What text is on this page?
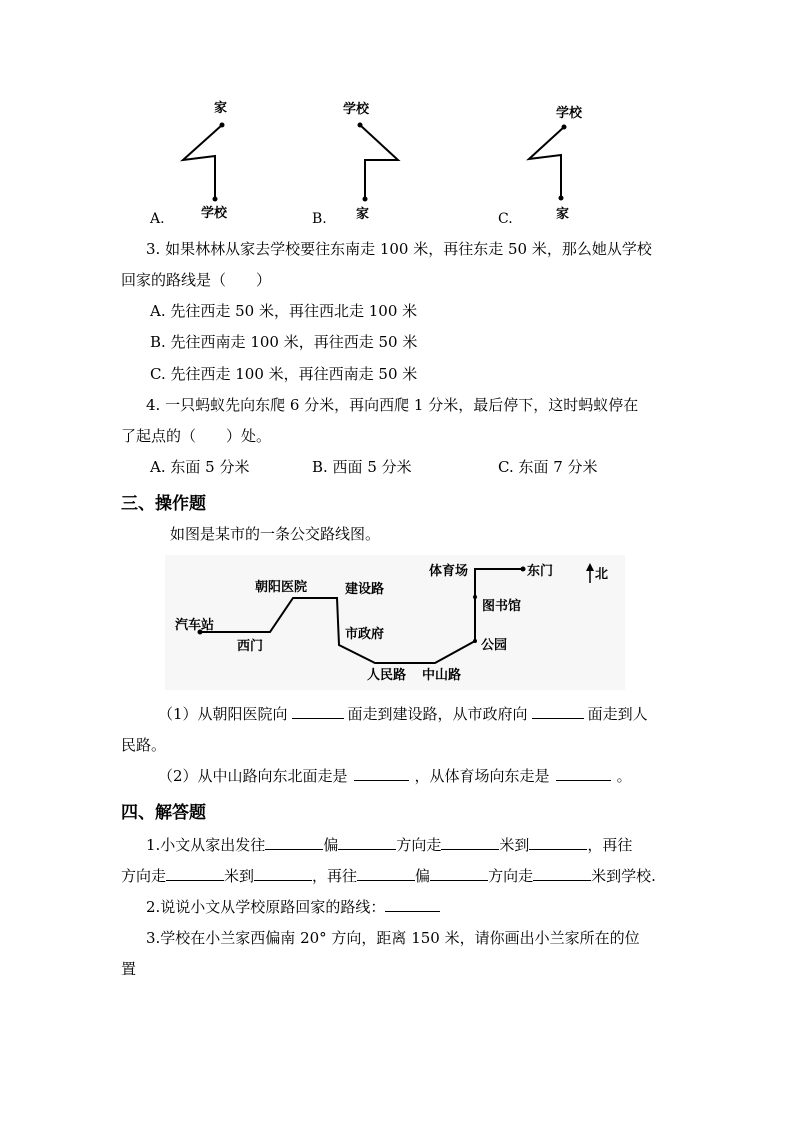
家
学校
学校
家
学校
家
A.	B.	C.
3. 如果林林从家去学校要往东南走 100 米，再往东走 50 米，那么她从学校
回家的路线是（　　）
A. 先往西走 50 米，再往西北走 100 米
B. 先往西南走 100 米，再往西走 50 米
C. 先往西走 100 米，再往西南走 50 米
4. 一只蚂蚁先向东爬 6 分米，再向西爬 1 分米，最后停下，这时蚂蚁停在
了起点的（　　）处。
A. 东面 5 分米	B. 西面 5 分米	C. 东面 7 分米
三、操作题
如图是某市的一条公交路线图。
汽车站
西门
朝阳医院	建设路
市政府
人民路 中山路
公园
图书馆
体育场	东门	北
（1）从朝阳医院向	面走到建设路，从市政府向	面走到人
民路。
（2）从中山路向东北面走是	，从体育场向东走是	。
四、解答题
1.小文从家出发往	偏	方向走	米到	，再往
方向走	米到	，再往	偏	方向走	米到学校.
2.说说小文从学校原路回家的路线：
3.学校在小兰家西偏南 20° 方向，距离 150 米，请你画出小兰家所在的位
置
